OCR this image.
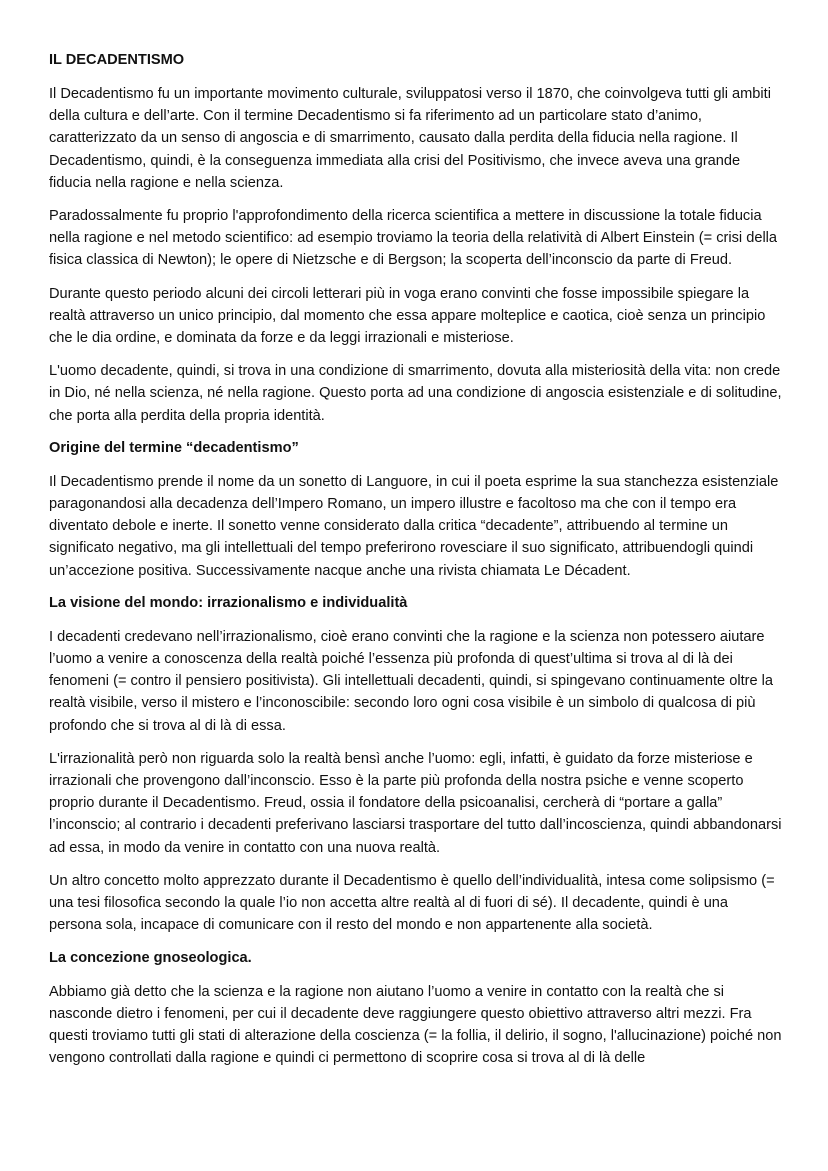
IL DECADENTISMO

Il Decadentismo fu un importante movimento culturale, sviluppatosi verso il 1870, che coinvolgeva tutti gli ambiti della cultura e dell’arte. Con il termine Decadentismo si fa riferimento ad un particolare stato d’animo, caratterizzato da un senso di angoscia e di smarrimento, causato dalla perdita della fiducia nella ragione. Il Decadentismo, quindi, è la conseguenza immediata alla crisi del Positivismo, che invece aveva una grande fiducia nella ragione e nella scienza.

Paradossalmente fu proprio l'approfondimento della ricerca scientifica a mettere in discussione la totale fiducia nella ragione e nel metodo scientifico: ad esempio troviamo la teoria della relatività di Albert Einstein (= crisi della fisica classica di Newton); le opere di Nietzsche e di Bergson; la scoperta dell’inconscio da parte di Freud.

Durante questo periodo alcuni dei circoli letterari più in voga erano convinti che fosse impossibile spiegare la realtà attraverso un unico principio, dal momento che essa appare molteplice e caotica, cioè senza un principio che le dia ordine, e dominata da forze e da leggi irrazionali e misteriose.

L'uomo decadente, quindi, si trova in una condizione di smarrimento, dovuta alla misteriosità della vita: non crede in Dio, né nella scienza, né nella ragione. Questo porta ad una condizione di angoscia esistenziale e di solitudine, che porta alla perdita della propria identità.

Origine del termine “decadentismo”

Il Decadentismo prende il nome da un sonetto di Languore, in cui il poeta esprime la sua stanchezza esistenziale paragonandosi alla decadenza dell’Impero Romano, un impero illustre e facoltoso ma che con il tempo era diventato debole e inerte. Il sonetto venne considerato dalla critica “decadente”, attribuendo al termine un significato negativo, ma gli intellettuali del tempo preferirono rovesciare il suo significato, attribuendogli quindi un’accezione positiva. Successivamente nacque anche una rivista chiamata Le Décadent.

La visione del mondo: irrazionalismo e individualità

I decadenti credevano nell’irrazionalismo, cioè erano convinti che la ragione e la scienza non potessero aiutare l’uomo a venire a conoscenza della realtà poiché l’essenza più profonda di quest’ultima si trova al di là dei fenomeni (= contro il pensiero positivista). Gli intellettuali decadenti, quindi, si spingevano continuamente oltre la realtà visibile, verso il mistero e l’inconoscibile: secondo loro ogni cosa visibile è un simbolo di qualcosa di più profondo che si trova al di là di essa.

L'irrazionalità però non riguarda solo la realtà bensì anche l’uomo: egli, infatti, è guidato da forze misteriose e irrazionali che provengono dall’inconscio. Esso è la parte più profonda della nostra psiche e venne scoperto proprio durante il Decadentismo. Freud, ossia il fondatore della psicoanalisi, cercherà di “portare a galla” l’inconscio; al contrario i decadenti preferivano lasciarsi trasportare del tutto dall’incoscienza, quindi abbandonarsi ad essa, in modo da venire in contatto con una nuova realtà.

Un altro concetto molto apprezzato durante il Decadentismo è quello dell’individualità, intesa come solipsismo (= una tesi filosofica secondo la quale l’io non accetta altre realtà al di fuori di sé). Il decadente, quindi è una persona sola, incapace di comunicare con il resto del mondo e non appartenente alla società.

La concezione gnoseologica.

Abbiamo già detto che la scienza e la ragione non aiutano l’uomo a venire in contatto con la realtà che si nasconde dietro i fenomeni, per cui il decadente deve raggiungere questo obiettivo attraverso altri mezzi. Fra questi troviamo tutti gli stati di alterazione della coscienza (= la follia, il delirio, il sogno, l'allucinazione) poiché non vengono controllati dalla ragione e quindi ci permettono di scoprire cosa si trova al di là delle
